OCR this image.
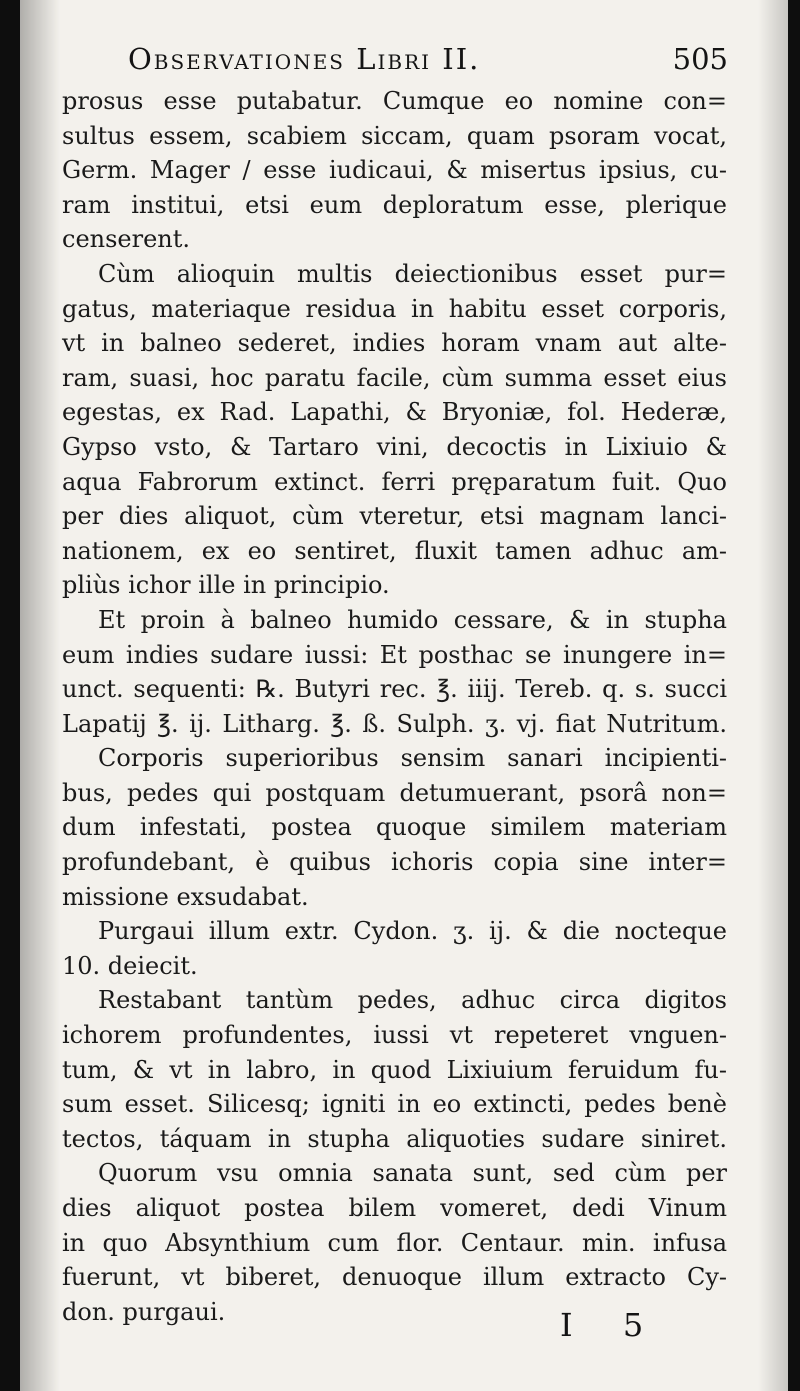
Observationes Libri II.	505
prosus esse putabatur. Cumque eo nomine con=
sultus essem, scabiem siccam, quam psoram vocat,
Germ. Mager / esse iudicaui, & misertus ipsius, cu-
ram institui, etsi eum deploratum esse, plerique
censerent.
Cùm alioquin multis deiectionibus esset pur=
gatus, materiaque residua in habitu esset corporis,
vt in balneo sederet, indies horam vnam aut alte-
ram, suasi, hoc paratu facile, cùm summa esset eius
egestas, ex Rad. Lapathi, & Bryoniæ, fol. Hederæ,
Gypso vsto, & Tartaro vini, decoctis in Lixiuio &
aqua Fabrorum extinct. ferri pręparatum fuit. Quo
per dies aliquot, cùm vteretur, etsi magnam lanci-
nationem, ex eo sentiret, fluxit tamen adhuc am-
pliùs ichor ille in principio.
Et proin à balneo humido cessare, & in stupha
eum indies sudare iussi: Et posthac se inungere in=
unct. sequenti: ℞. Butyri rec. ℥. iiij. Tereb. q. s. succi
Lapatij ℥. ij. Litharg. ℥. ß. Sulph. ʒ. vj. fiat Nutritum.
Corporis superioribus sensim sanari incipienti-
bus, pedes qui postquam detumuerant, psorâ non=
dum infestati, postea quoque similem materiam
profundebant, è quibus ichoris copia sine inter=
missione exsudabat.
Purgaui illum extr. Cydon. ʒ. ij. & die nocteque
10. deiecit.
Restabant tantùm pedes, adhuc circa digitos
ichorem profundentes, iussi vt repeteret vnguen-
tum, & vt in labro, in quod Lixiuium feruidum fu-
sum esset. Silicesq; igniti in eo extincti, pedes benè
tectos, táquam in stupha aliquoties sudare siniret.
Quorum vsu omnia sanata sunt, sed cùm per
dies aliquot postea bilem vomeret, dedi Vinum
in quo Absynthium cum flor. Centaur. min. infusa
fuerunt, vt biberet, denuoque illum extracto Cy-
don. purgaui.	I 5
